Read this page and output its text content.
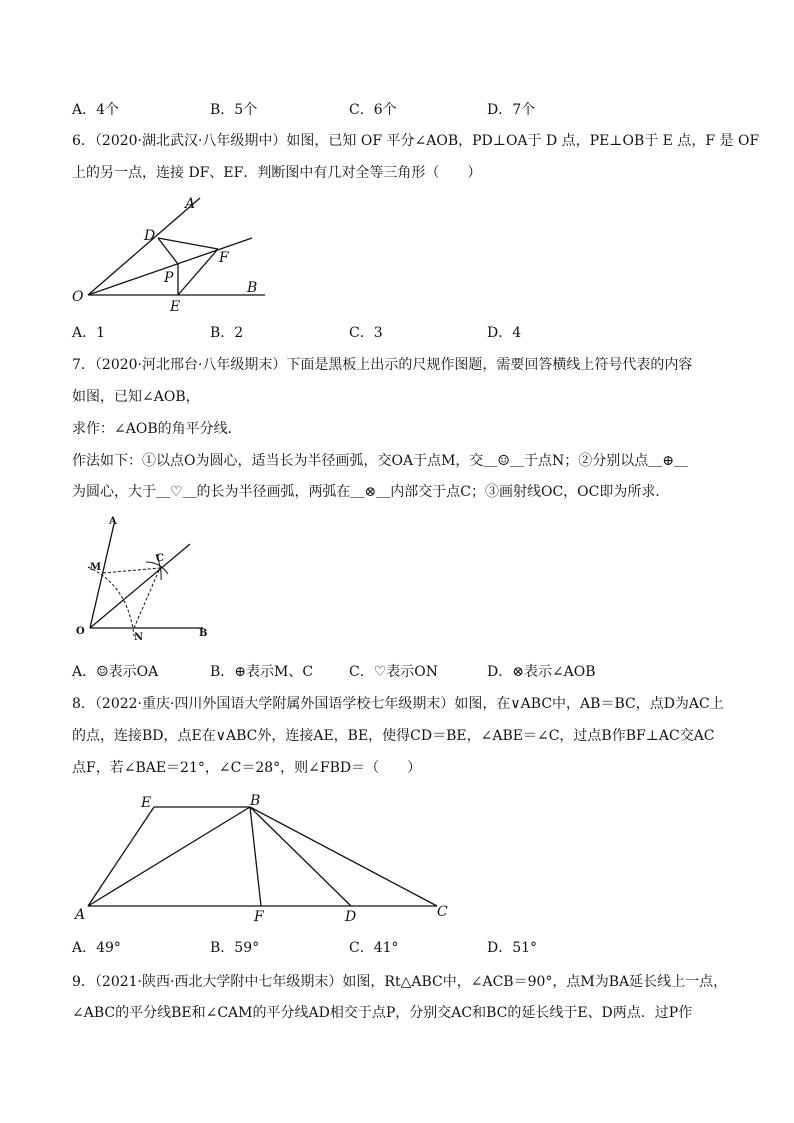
A．4个	B．5个	C．6个	D．7个
6．（2020·湖北武汉·八年级期中）如图，已知 OF 平分∠AOB，PD⊥OA于 D 点，PE⊥OB于 E 点，F 是 OF
上的另一点，连接 DF、EF．判断图中有几对全等三角形（　　）
A
D
F
P
O
E
B
A．1	B．2	C．3	D．4
7．（2020·河北邢台·八年级期末）下面是黑板上出示的尺规作图题，需要回答横线上符号代表的内容
如图，已知∠AOB，
求作：∠AOB的角平分线．
作法如下：①以点O为圆心，适当长为半径画弧，交OA于点M，交＿☺＿于点N；②分别以点＿⊕＿
为圆心，大于＿♡＿的长为半径画弧，两弧在＿⊗＿内部交于点C；③画射线OC，OC即为所求．
A
M
C
O
N	B
A．☺表示OA	B．⊕表示M、C	C．♡表示ON	D．⊗表示∠AOB
8．（2022·重庆·四川外国语大学附属外国语学校七年级期末）如图，在∨ABC中，AB＝BC，点D为AC上
的点，连接BD，点E在∨ABC外，连接AE，BE，使得CD＝BE，∠ABE＝∠C，过点B作BF⊥AC交AC
点F，若∠BAE＝21°，∠C＝28°，则∠FBD＝（　　）
E	B
A	F	D	C
A．49°	B．59°	C．41°	D．51°
9．（2021·陕西·西北大学附中七年级期末）如图，Rt△ABC中，∠ACB＝90°，点M为BA延长线上一点，
∠ABC的平分线BE和∠CAM的平分线AD相交于点P，分别交AC和BC的延长线于E、D两点．过P作
